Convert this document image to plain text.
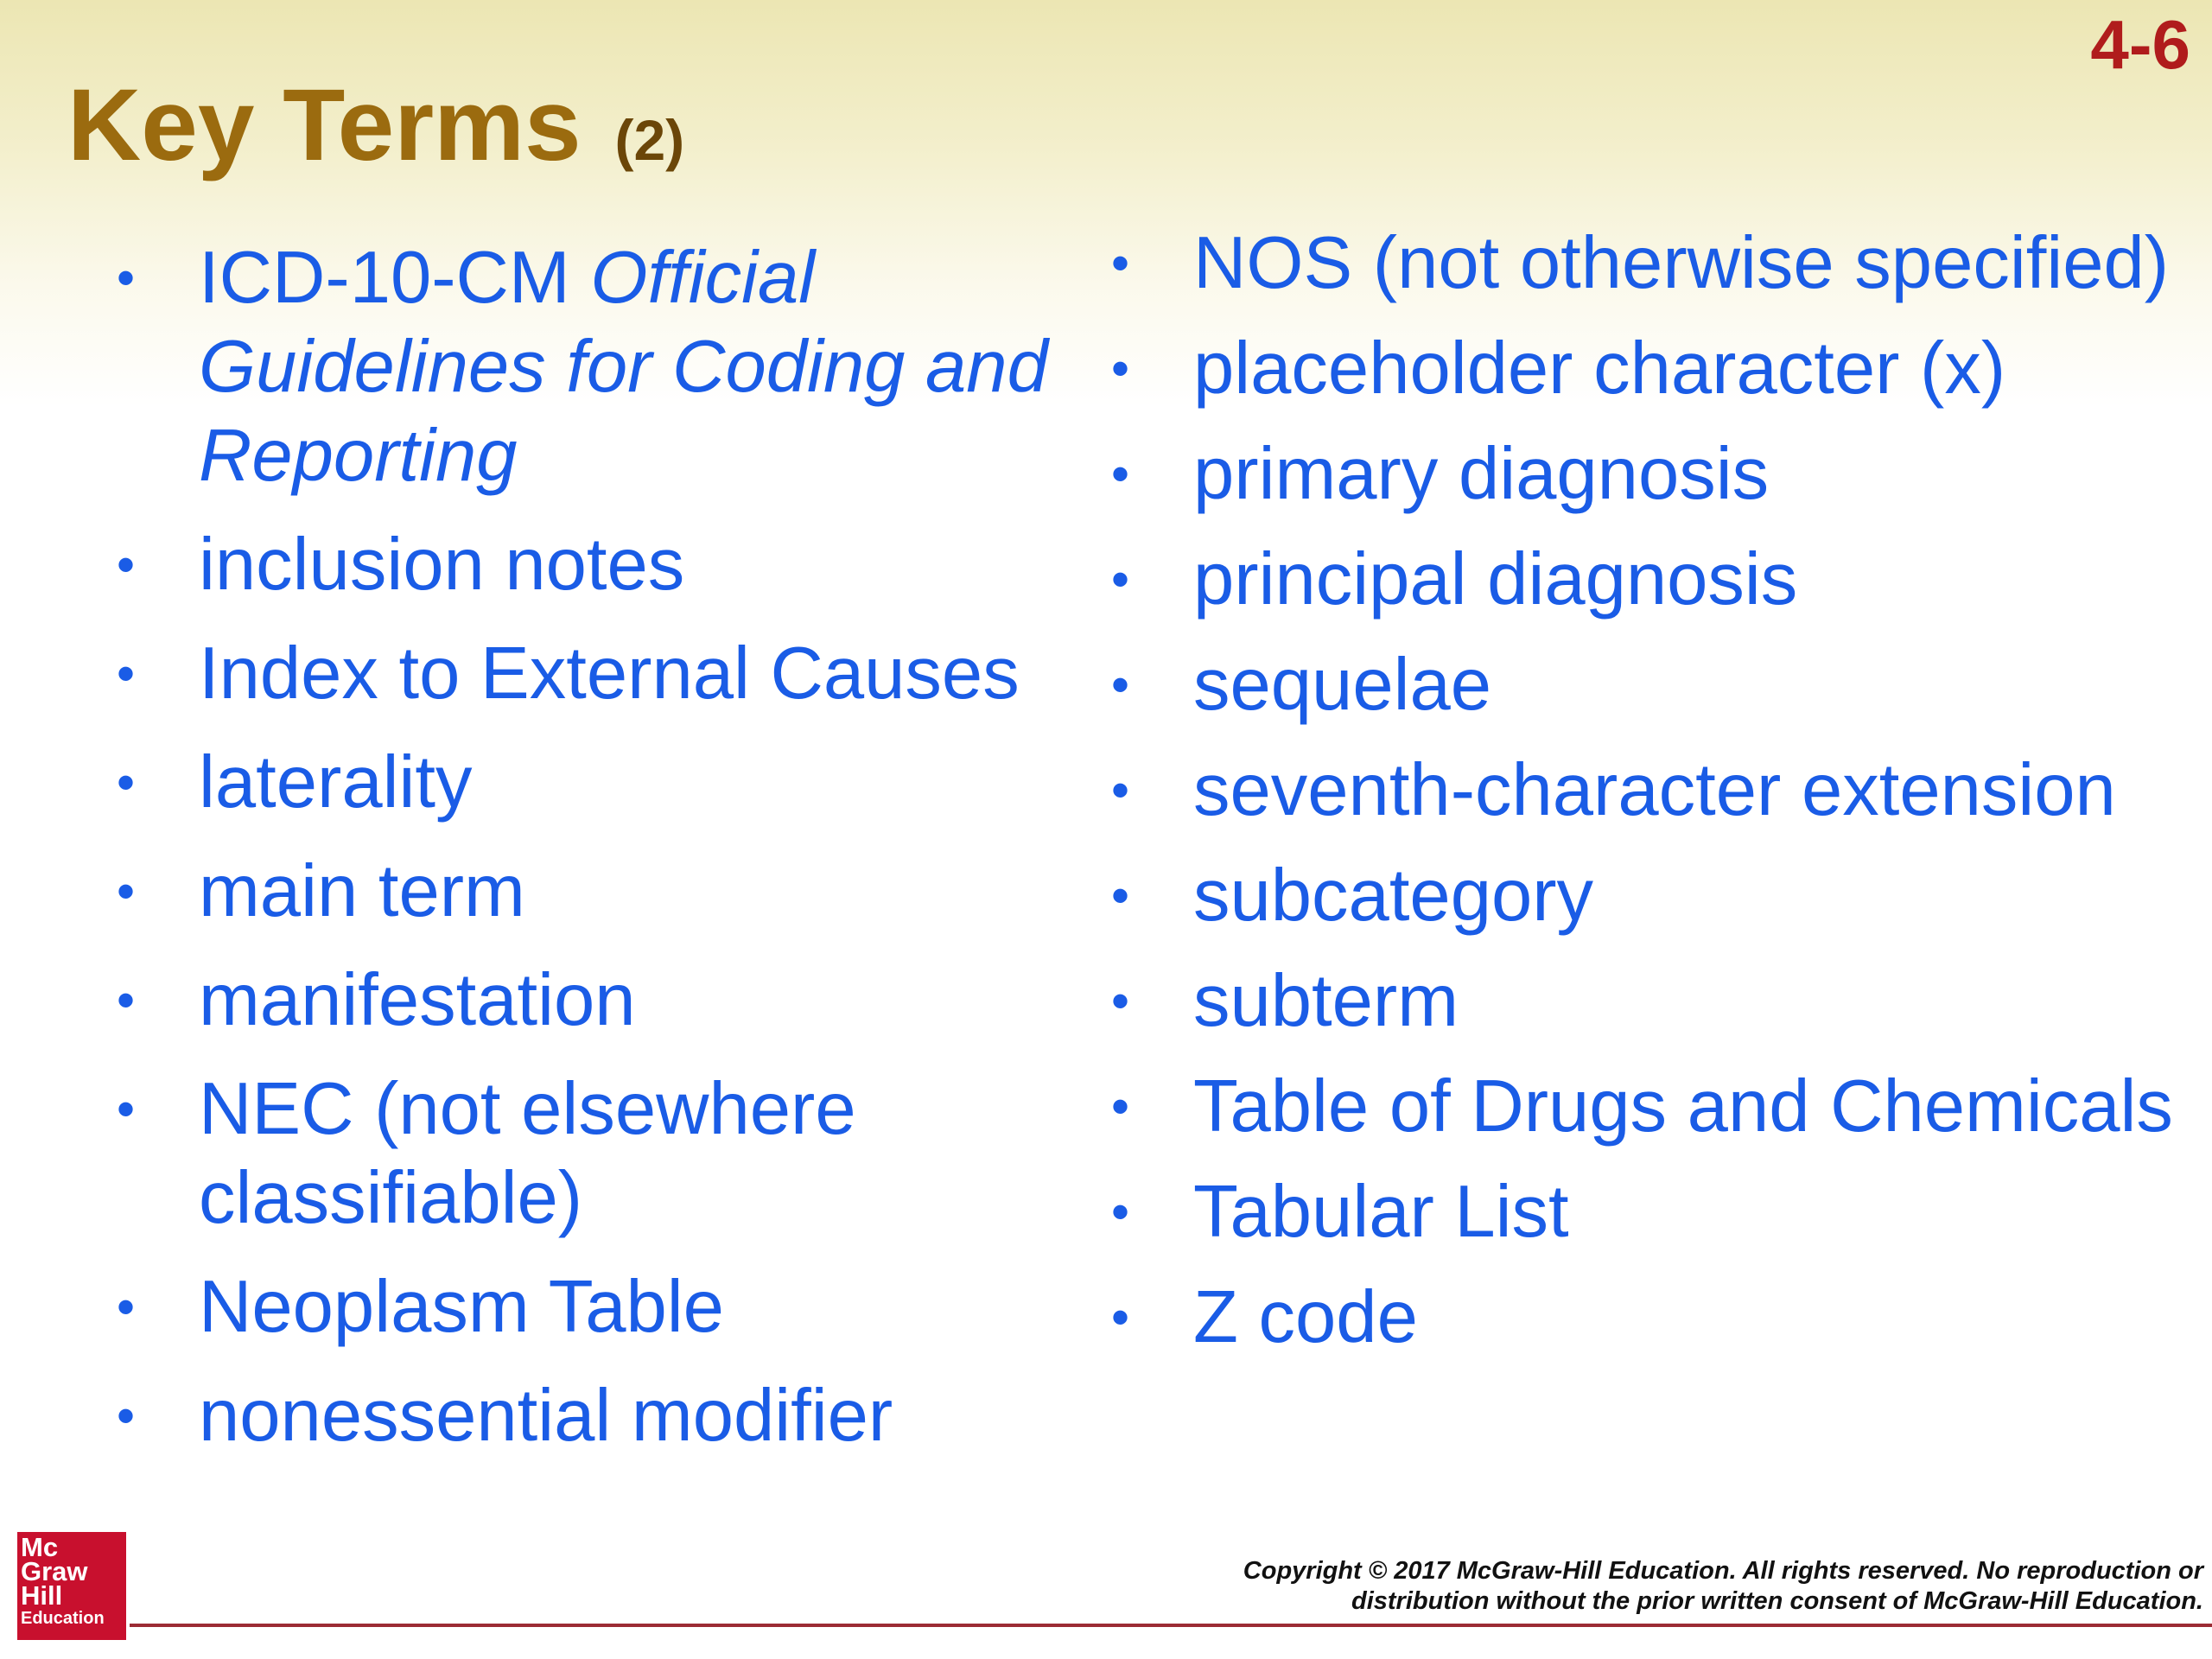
4-6
Key Terms (2)
• ICD-10-CM Official Guidelines for Coding and Reporting
• inclusion notes
• Index to External Causes
• laterality
• main term
• manifestation
• NEC (not elsewhere classifiable)
• Neoplasm Table
• nonessential modifier
• NOS (not otherwise specified)
• placeholder character (x)
• primary diagnosis
• principal diagnosis
• sequelae
• seventh-character extension
• subcategory
• subterm
• Table of Drugs and Chemicals
• Tabular List
• Z code
Mc
Graw
Hill
Education
Copyright © 2017 McGraw-Hill Education. All rights reserved. No reproduction or
distribution without the prior written consent of McGraw-Hill Education.
